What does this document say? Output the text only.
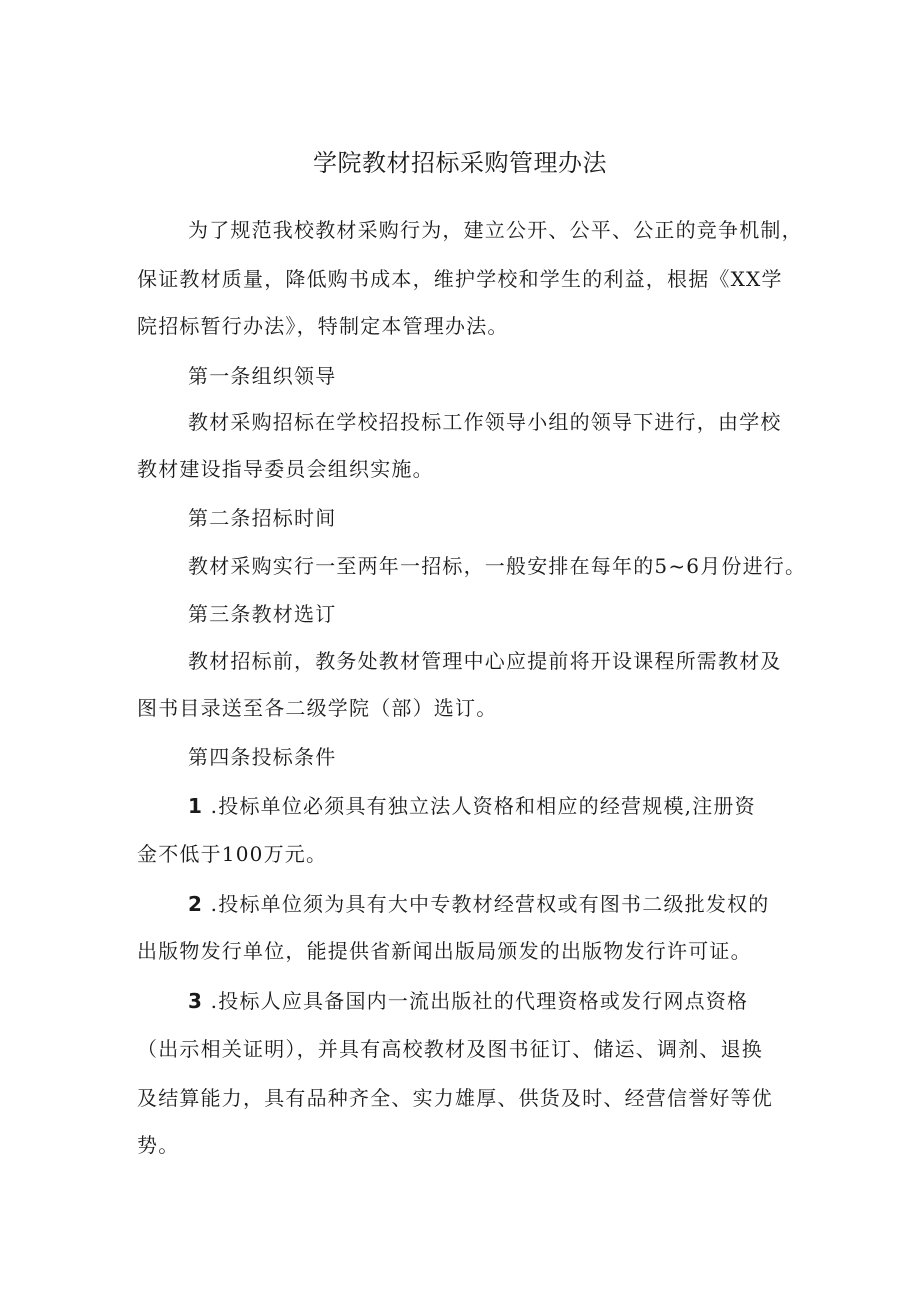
学院教材招标采购管理办法
为了规范我校教材采购行为，建立公开、公平、公正的竞争机制，
保证教材质量，降低购书成本，维护学校和学生的利益，根据《XX学
院招标暂行办法》，特制定本管理办法。
第一条组织领导
教材采购招标在学校招投标工作领导小组的领导下进行，由学校
教材建设指导委员会组织实施。
第二条招标时间
教材采购实行一至两年一招标，一般安排在每年的5~6月份进行。
第三条教材选订
教材招标前，教务处教材管理中心应提前将开设课程所需教材及
图书目录送至各二级学院（部）选订。
第四条投标条件
1 .投标单位必须具有独立法人资格和相应的经营规模,注册资
金不低于100万元。
2 .投标单位须为具有大中专教材经营权或有图书二级批发权的
出版物发行单位，能提供省新闻出版局颁发的出版物发行许可证。
3 .投标人应具备国内一流出版社的代理资格或发行网点资格
（出示相关证明），并具有高校教材及图书征订、储运、调剂、退换
及结算能力，具有品种齐全、实力雄厚、供货及时、经营信誉好等优
势。
